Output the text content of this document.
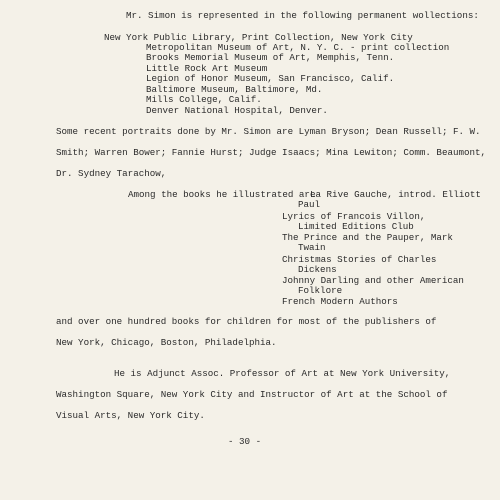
Mr. Simon is represented in the following permanent wollections:
New York Public Library, Print Collection, New York City
Metropolitan Museum of Art, N. Y. C. - print collection
Brooks Memorial Museum of Art, Memphis, Tenn.
Little Rock Art Museum
Legion of Honor Museum, San Francisco, Calif.
Baltimore Museum, Baltimore, Md.
Mills College, Calif.
Denver National Hospital, Denver.
Some recent portraits done by Mr. Simon are Lyman Bryson; Dean Russell; F. W.
Smith; Warren Bower; Fannie Hurst; Judge Isaacs; Mina Lewiton; Comm. Beaumont,
Dr. Sydney Tarachow,
Among the books he illustrated are
La Rive Gauche, introd. Elliott
Paul
Lyrics of Francois Villon,
Limited Editions Club
The Prince and the Pauper, Mark
Twain
Christmas Stories of Charles
Dickens
Johnny Darling and other American
Folklore
French Modern Authors
and over one hundred books for children for most of the publishers of
New York, Chicago, Boston, Philadelphia.
He is Adjunct Assoc. Professor of Art at New York University,
Washington Square, New York City and Instructor of Art at the School of
Visual Arts, New York City.
- 30 -
